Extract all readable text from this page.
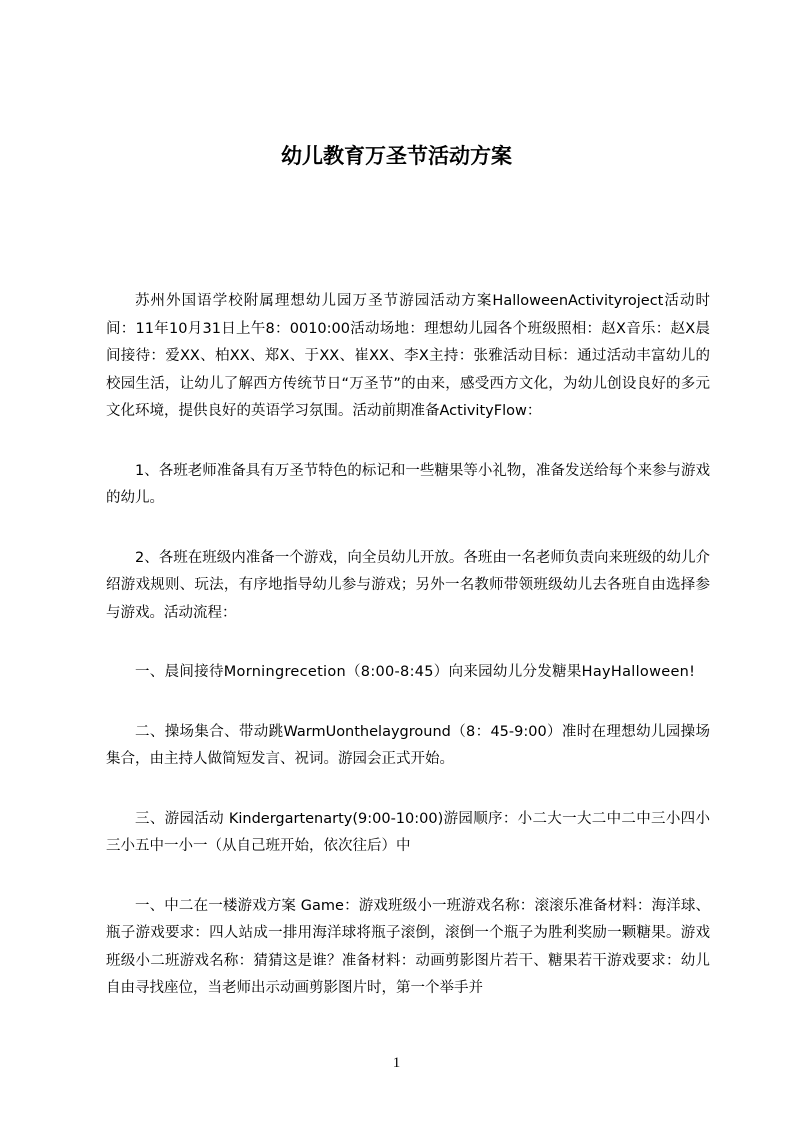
幼儿教育万圣节活动方案

苏州外国语学校附属理想幼儿园万圣节游园活动方案HalloweenActivityroject活动时间：11年10月31日上午8：0010:00活动场地：理想幼儿园各个班级照相：赵X音乐：赵X晨间接待：爱XX、柏XX、郑X、于XX、崔XX、李X主持：张雅活动目标：通过活动丰富幼儿的校园生活，让幼儿了解西方传统节日“万圣节”的由来，感受西方文化，为幼儿创设良好的多元文化环境，提供良好的英语学习氛围。活动前期准备ActivityFlow：

1、各班老师准备具有万圣节特色的标记和一些糖果等小礼物，准备发送给每个来参与游戏的幼儿。

2、各班在班级内准备一个游戏，向全员幼儿开放。各班由一名老师负责向来班级的幼儿介绍游戏规则、玩法，有序地指导幼儿参与游戏；另外一名教师带领班级幼儿去各班自由选择参与游戏。活动流程：

一、晨间接待Morningrecetion（8:00-8:45）向来园幼儿分发糖果HayHalloween!

二、操场集合、带动跳WarmUonthelayground（8：45-9:00）准时在理想幼儿园操场集合，由主持人做简短发言、祝词。游园会正式开始。

三、游园活动 Kindergartenarty(9:00-10:00)游园顺序：小二大一大二中二中三小四小三小五中一小一（从自己班开始，依次往后）中

一、中二在一楼游戏方案 Game：游戏班级小一班游戏名称：滚滚乐准备材料：海洋球、瓶子游戏要求：四人站成一排用海洋球将瓶子滚倒，滚倒一个瓶子为胜利奖励一颗糖果。游戏班级小二班游戏名称：猜猜这是谁？准备材料：动画剪影图片若干、糖果若干游戏要求：幼儿自由寻找座位，当老师出示动画剪影图片时，第一个举手并

1
